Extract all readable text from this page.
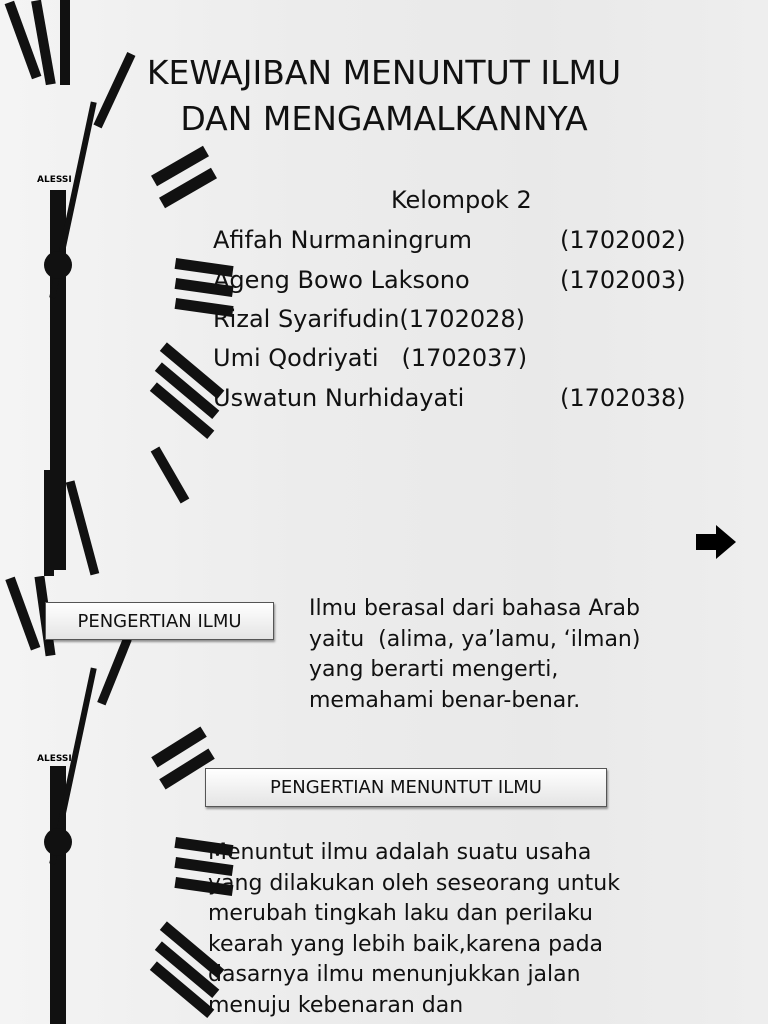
ALESSI
KEWAJIBAN MENUNTUT ILMU
DAN MENGAMALKANNYA
Kelompok 2
Afifah Nurmaningrum	(1702002)
Ageng Bowo Laksono	(1702003)
Rizal Syarifudin(1702028)
Umi Qodriyati   (1702037)
Uswatun Nurhidayati	(1702038)
ALESSI
PENGERTIAN ILMU	Ilmu berasal dari bahasa Arab
yaitu  (alima, ya’lamu, ‘ilman)
yang berarti mengerti,
memahami benar-benar.
PENGERTIAN MENUNTUT ILMU
Menuntut ilmu adalah suatu usaha
yang dilakukan oleh seseorang untuk
merubah tingkah laku dan perilaku
kearah yang lebih baik,karena pada
dasarnya ilmu menunjukkan jalan
menuju kebenaran dan
